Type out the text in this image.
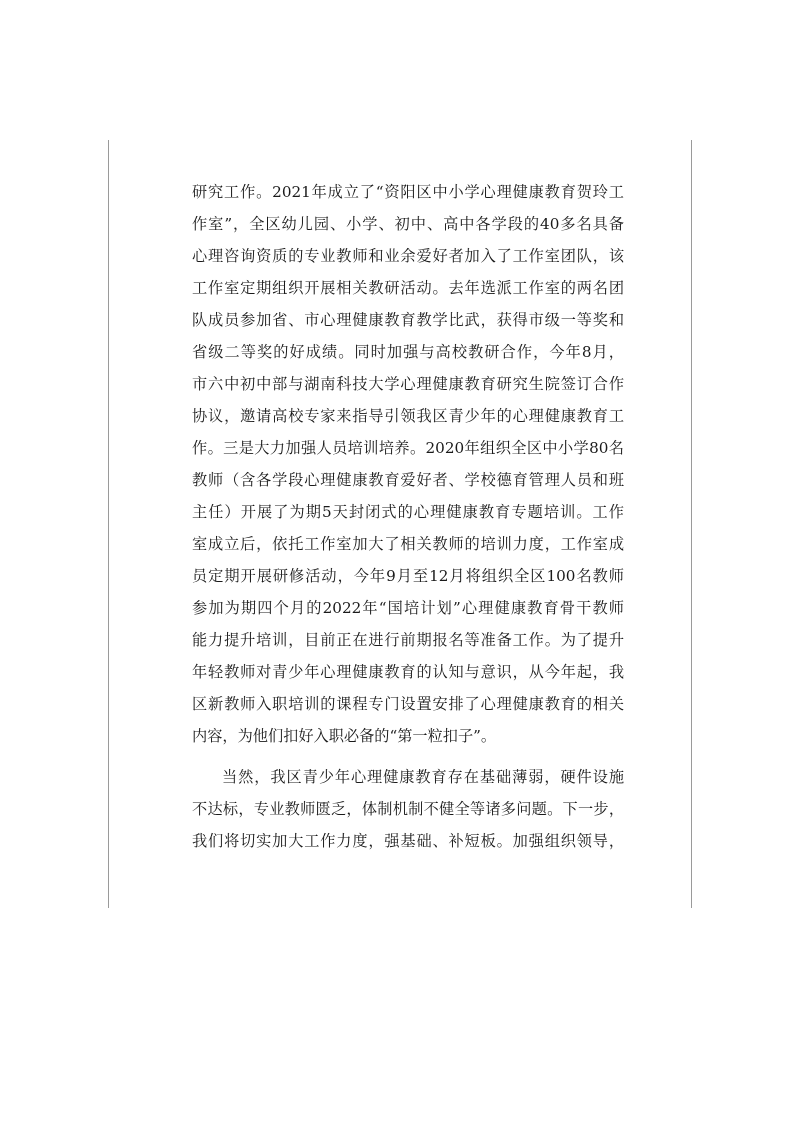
研究工作。2021年成立了“资阳区中小学心理健康教育贺玲工
作室”，全区幼儿园、小学、初中、高中各学段的40多名具备
心理咨询资质的专业教师和业余爱好者加入了工作室团队，该
工作室定期组织开展相关教研活动。去年选派工作室的两名团
队成员参加省、市心理健康教育教学比武，获得市级一等奖和
省级二等奖的好成绩。同时加强与高校教研合作，今年8月，
市六中初中部与湖南科技大学心理健康教育研究生院签订合作
协议，邀请高校专家来指导引领我区青少年的心理健康教育工
作。三是大力加强人员培训培养。2020年组织全区中小学80名
教师（含各学段心理健康教育爱好者、学校德育管理人员和班
主任）开展了为期5天封闭式的心理健康教育专题培训。工作
室成立后，依托工作室加大了相关教师的培训力度，工作室成
员定期开展研修活动，今年9月至12月将组织全区100名教师
参加为期四个月的2022年“国培计划”心理健康教育骨干教师
能力提升培训，目前正在进行前期报名等准备工作。为了提升
年轻教师对青少年心理健康教育的认知与意识，从今年起，我
区新教师入职培训的课程专门设置安排了心理健康教育的相关
内容，为他们扣好入职必备的“第一粒扣子”。
当然，我区青少年心理健康教育存在基础薄弱，硬件设施
不达标，专业教师匮乏，体制机制不健全等诸多问题。下一步，
我们将切实加大工作力度，强基础、补短板。加强组织领导，
